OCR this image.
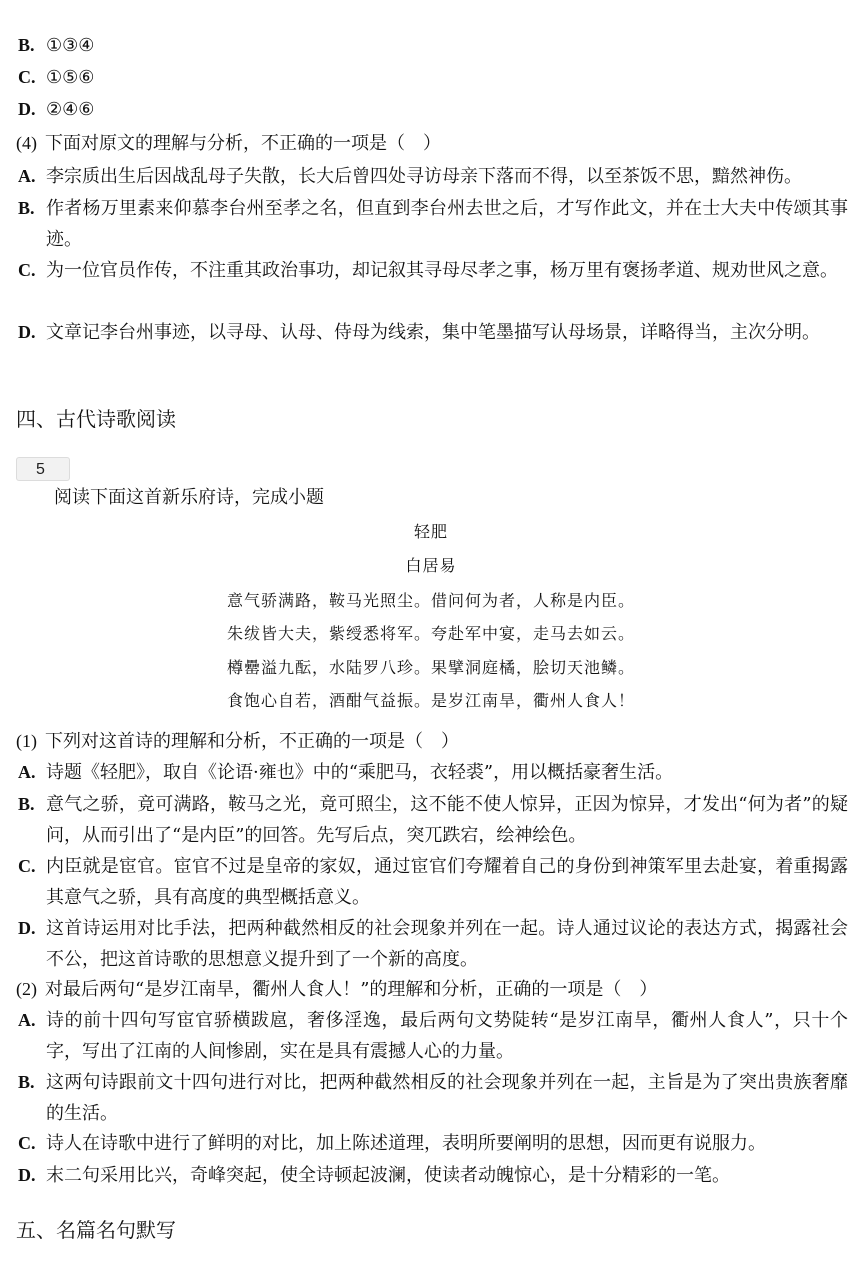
B. ①③④
C. ①⑤⑥
D. ②④⑥
(4) 下面对原文的理解与分析，不正确的一项是（　）
A. 李宗质出生后因战乱母子失散，长大后曾四处寻访母亲下落而不得，以至茶饭不思，黯然神伤。
B. 作者杨万里素来仰慕李台州至孝之名，但直到李台州去世之后，才写作此文，并在士大夫中传颂其事迹。
C. 为一位官员作传，不注重其政治事功，却记叙其寻母尽孝之事，杨万里有褒扬孝道、规劝世风之意。
D. 文章记李台州事迹，以寻母、认母、侍母为线索，集中笔墨描写认母场景，详略得当，主次分明。
四、古代诗歌阅读
5
阅读下面这首新乐府诗，完成小题
轻肥
白居易
意气骄满路，鞍马光照尘。借问何为者，人称是内臣。
朱绂皆大夫，紫绶悉将军。夸赴军中宴，走马去如云。
樽罍溢九酝，水陆罗八珍。果擘洞庭橘，脍切天池鳞。
食饱心自若，酒酣气益振。是岁江南旱，衢州人食人！
(1) 下列对这首诗的理解和分析，不正确的一项是（　）
A. 诗题《轻肥》，取自《论语·雍也》中的“乘肥马，衣轻裘”，用以概括豪奢生活。
B. 意气之骄，竟可满路，鞍马之光，竟可照尘，这不能不使人惊异，正因为惊异，才发出“何为者”的疑问，从而引出了“是内臣”的回答。先写后点，突兀跌宕，绘神绘色。
C. 内臣就是宦官。宦官不过是皇帝的家奴，通过宦官们夸耀着自己的身份到神策军里去赴宴，着重揭露其意气之骄，具有高度的典型概括意义。
D. 这首诗运用对比手法，把两种截然相反的社会现象并列在一起。诗人通过议论的表达方式，揭露社会不公，把这首诗歌的思想意义提升到了一个新的高度。
(2) 对最后两句“是岁江南旱，衢州人食人！”的理解和分析，正确的一项是（　）
A. 诗的前十四句写宦官骄横跋扈，奢侈淫逸，最后两句文势陡转“是岁江南旱，衢州人食人”，只十个字，写出了江南的人间惨剧，实在是具有震撼人心的力量。
B. 这两句诗跟前文十四句进行对比，把两种截然相反的社会现象并列在一起，主旨是为了突出贵族奢靡的生活。
C. 诗人在诗歌中进行了鲜明的对比，加上陈述道理，表明所要阐明的思想，因而更有说服力。
D. 末二句采用比兴，奇峰突起，使全诗顿起波澜，使读者动魄惊心，是十分精彩的一笔。
五、名篇名句默写
